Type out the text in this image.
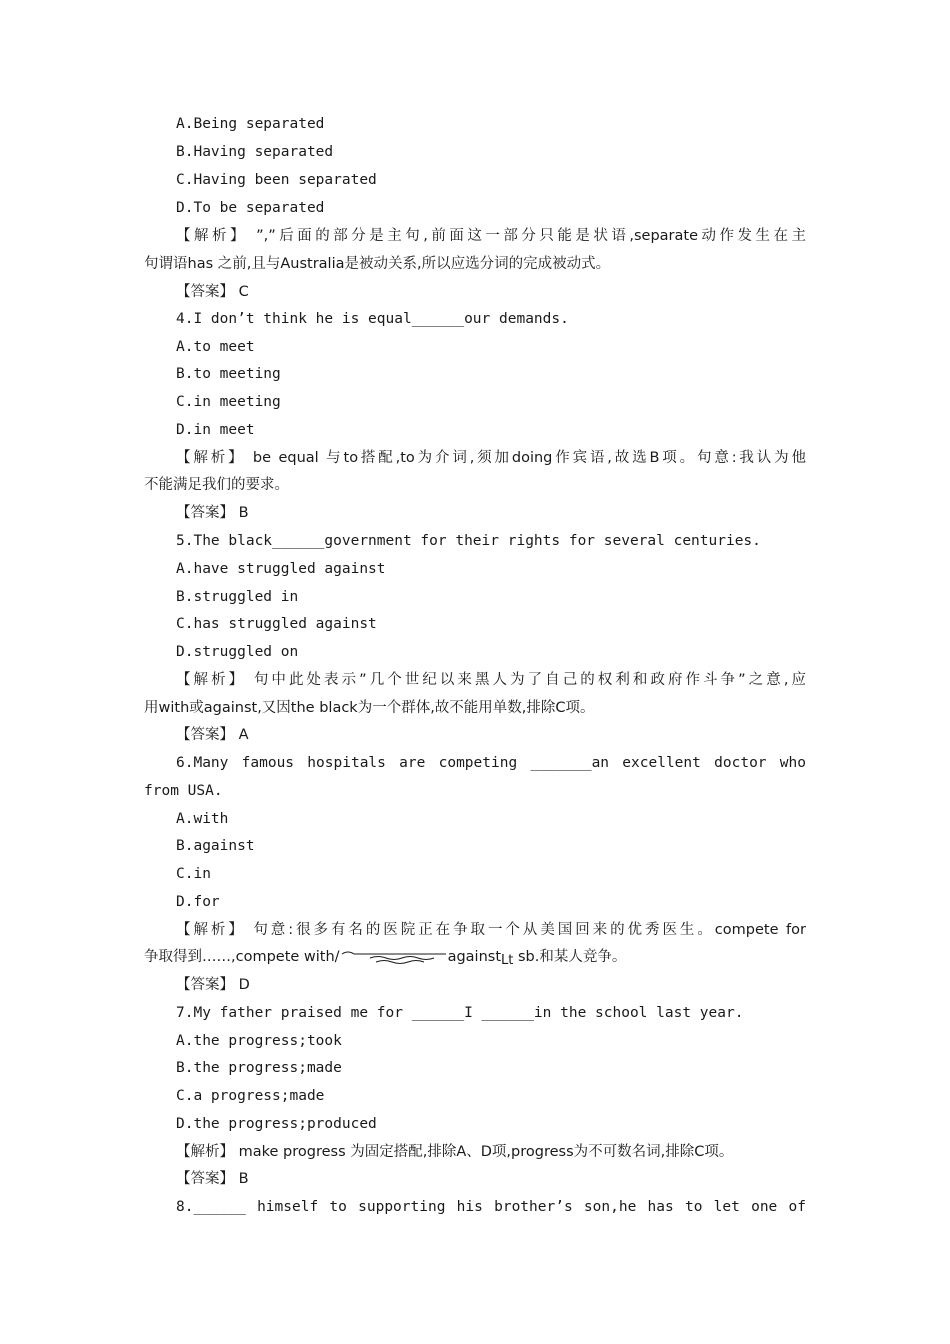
A.Being separated
B.Having separated
C.Having been separated
D.To be separated
【解析】 ”,”后面的部分是主句,前面这一部分只能是状语,separate动作发生在主
句谓语has 之前,且与Australia是被动关系,所以应选分词的完成被动式。
【答案】 C
4.I don’t think he is equal______our demands.
A.to meet
B.to meeting
C.in meeting
D.in meet
【解析】 be equal 与to搭配,to为介词,须加doing作宾语,故选B项。句意:我认为他
不能满足我们的要求。
【答案】 B
5.The black______government for their rights for several centuries.
A.have struggled against
B.struggled in
C.has struggled against
D.struggled on
【解析】 句中此处表示”几个世纪以来黑人为了自己的权利和政府作斗争”之意,应
用with或against,又因the black为一个群体,故不能用单数,排除C项。
【答案】 A
6.Many famous hospitals are competing _______an excellent doctor who
from USA.
A.with
B.against
C.in
D.for
【解析】 句意:很多有名的医院正在争取一个从美国回来的优秀医生。compete for
争取得到……,compete with/	againstLt sb.和某人竞争。
【答案】 D
7.My father praised me for ______I ______in the school last year.
A.the progress;took
B.the progress;made
C.a progress;made
D.the progress;produced
【解析】 make progress 为固定搭配,排除A、D项,progress为不可数名词,排除C项。
【答案】 B
8.______ himself to supporting his brother’s son,he has to let one of
